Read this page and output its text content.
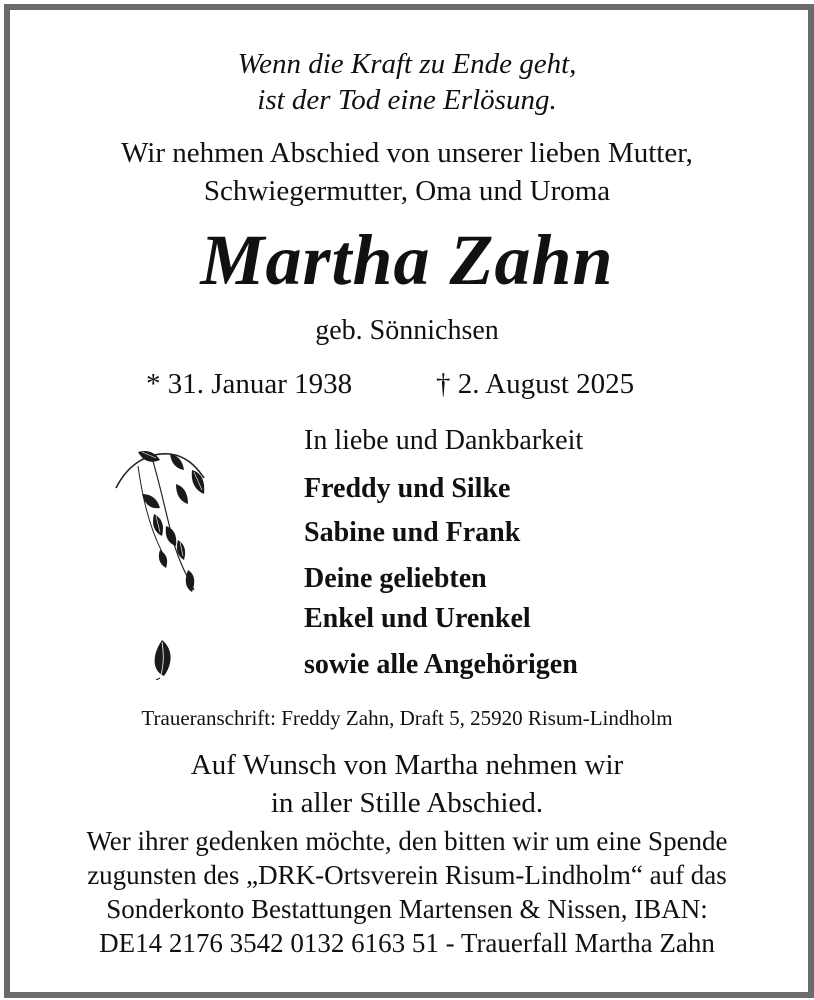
Wenn die Kraft zu Ende geht,
ist der Tod eine Erlösung.
Wir nehmen Abschied von unserer lieben Mutter,
Schwiegermutter, Oma und Uroma
Martha Zahn
geb. Sönnichsen
* 31. Januar 1938	† 2. August 2025
In liebe und Dankbarkeit
Freddy und Silke
Sabine und Frank
Deine geliebten
Enkel und Urenkel
sowie alle Angehörigen
Traueranschrift: Freddy Zahn, Draft 5, 25920 Risum-Lindholm
Auf Wunsch von Martha nehmen wir
in aller Stille Abschied.
Wer ihrer gedenken möchte, den bitten wir um eine Spende
zugunsten des „DRK-Ortsverein Risum-Lindholm“ auf das
Sonderkonto Bestattungen Martensen & Nissen, IBAN:
DE14 2176 3542 0132 6163 51 - Trauerfall Martha Zahn
